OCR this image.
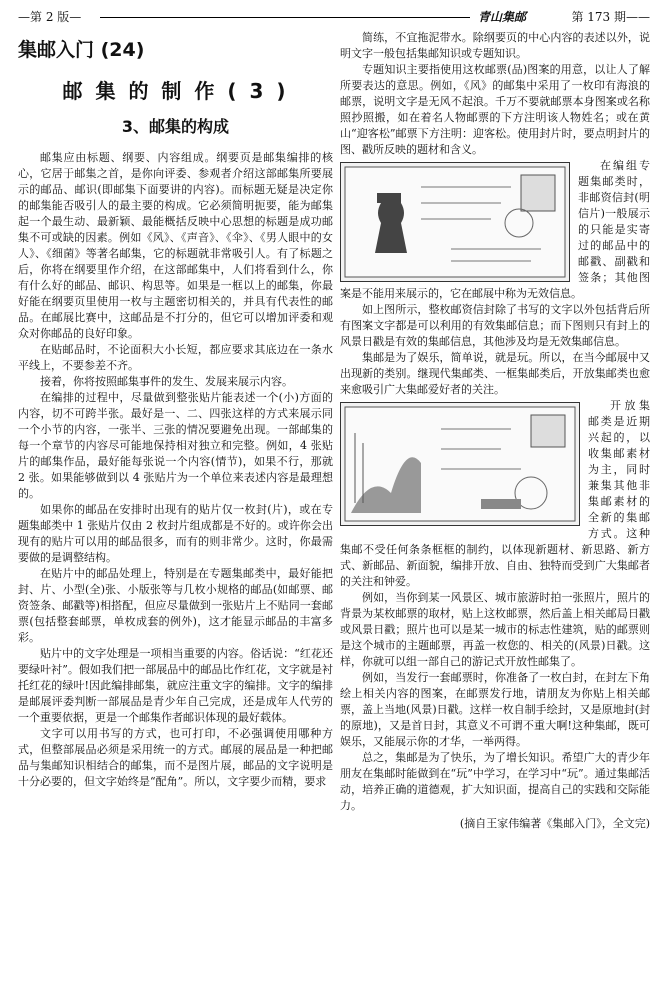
—第 2 版—	青山集邮	第 173 期——
集邮入门 (24)
邮 集 的 制 作 ( 3 )
3、邮集的构成

邮集应由标题、纲要、内容组成。纲要页是邮集编排的核心，它居于邮集之首，是你向评委、参观者介绍这部邮集所要展示的邮品、邮识(即邮集下面要讲的内容)。而标题无疑是决定你的邮集能否吸引人的最主要的构成。它必须简明扼要，能为邮集起一个最生动、最新颖、最能概括反映中心思想的标题是成功邮集不可或缺的因素。例如《风》、《声音》、《伞》、《男人眼中的女人》、《细菌》等著名邮集，它的标题就非常吸引人。有了标题之后，你将在纲要里作介绍，在这部邮集中，人们将看到什么，你有什么好的邮品、邮识、构思等。如果是一框以上的邮集，你最好能在纲要页里使用一枚与主题密切相关的，并具有代表性的邮品。在邮展比赛中，这邮品是不打分的，但它可以增加评委和观众对你邮品的良好印象。

在贴邮品时，不论面积大小长短，都应要求其底边在一条水平线上，不要参差不齐。

接着，你将按照邮集事件的发生、发展来展示内容。

在编排的过程中，尽量做到整张贴片能表述一个(小)方面的内容，切不可跨半张。最好是一、二、四张这样的方式来展示同一个小节的内容，一张半、三张的情况要避免出现。一部邮集的每一个章节的内容尽可能地保持相对独立和完整。例如，4 张贴片的邮集作品，最好能每张说一个内容(情节)，如果不行，那就 2 张。如果能够做到以 4 张贴片为一个单位来表述内容是最理想的。

如果你的邮品在安排时出现有的贴片仅一枚封(片)，或在专题集邮类中 1 张贴片仅由 2 枚封片组成都是不好的。或许你会出现有的贴片可以用的邮品很多，而有的则非常少。这时，你最需要做的是调整结构。

在贴片中的邮品处理上，特别是在专题集邮类中，最好能把封、片、小型(全)张、小版张等与几枚小规格的邮品(如邮票、邮资签条、邮戳等)相搭配，但应尽量做到一张贴片上不贴同一套邮票(包括整套邮票，单枚成套的例外)，这才能显示邮品的丰富多彩。

贴片中的文字处理是一项相当重要的内容。俗话说：“红花还要绿叶衬”。假如我们把一部展品中的邮品比作红花，文字就是衬托红花的绿叶!因此编排邮集，就应注重文字的编排。文字的编排是邮展评委判断一部展品是青少年自己完成，还是成年人代劳的一个重要依据，更是一个邮集作者邮识体现的最好载体。

文字可以用书写的方式，也可打印，不必强调使用哪种方式，但整部展品必须是采用统一的方式。邮展的展品是一种把邮品与集邮知识相结合的邮集，而不是图片展，邮品的文字说明是十分必要的，但文字始终是“配角”。所以，文字要少而精，要求

简练，不宜拖泥带水。除纲要页的中心内容的表述以外，说明文字一般包括集邮知识或专题知识。

专题知识主要指使用这枚邮票(品)图案的用意，以让人了解所要表达的意思。例如，《风》的邮集中采用了一枚印有海浪的邮票，说明文字是无风不起浪。千万不要就邮票本身图案或名称照抄照搬，如在着名人物邮票的下方注明该人物姓名；或在黄山“迎客松”邮票下方注明：迎客松。使用封片时，要点明封片的图、戳所反映的题材和含义。

在编组专题集邮类时，非邮资信封(明信片)一般展示的只能是实寄过的邮品中的邮戳、副戳和签条；其他图案是不能用来展示的，它在邮展中称为无效信息。

如上图所示，整枚邮资信封除了书写的文字以外包括背后所有图案文字都是可以利用的有效集邮信息；而下图则只有封上的风景日戳是有效的集邮信息，其他涉及均是无效集邮信息。

集邮是为了娱乐，简单说，就是玩。所以，在当今邮展中又出现新的类别。继现代集邮类、一框集邮类后，开放集邮类也愈来愈吸引广大集邮爱好者的关注。

开放集邮类是近期兴起的，以收集邮素材为主，同时兼集其他非集邮素材的全新的集邮方式。这种集邮不受任何条条框框的制约，以体现新题材、新思路、新方式、新邮品、新面貌，编排开放、自由、独特而受到广大集邮者的关注和钟爱。

例如，当你到某一风景区、城市旅游时拍一张照片，照片的背景为某枚邮票的取材，贴上这枚邮票，然后盖上相关邮局日戳或风景日戳；照片也可以是某一城市的标志性建筑，贴的邮票则是这个城市的主题邮票，再盖一枚您的、相关的(风景)日戳。这样，你就可以组一部自己的游记式开放性邮集了。

例如，当发行一套邮票时，你准备了一枚白封，在封左下角绘上相关内容的图案，在邮票发行地，请朋友为你贴上相关邮票，盖上当地(风景)日戳。这样一枚自制手绘封，又是原地封(封的原地)，又是首日封，其意义不可谓不重大啊!这种集邮，既可娱乐，又能展示你的才华，一举两得。

总之，集邮是为了快乐，为了增长知识。希望广大的青少年朋友在集邮时能做到在“玩”中学习，在学习中“玩”。通过集邮活动，培养正确的道德观，扩大知识面，提高自己的实践和交际能力。

(摘自王家伟编著《集邮入门》，全文完)
